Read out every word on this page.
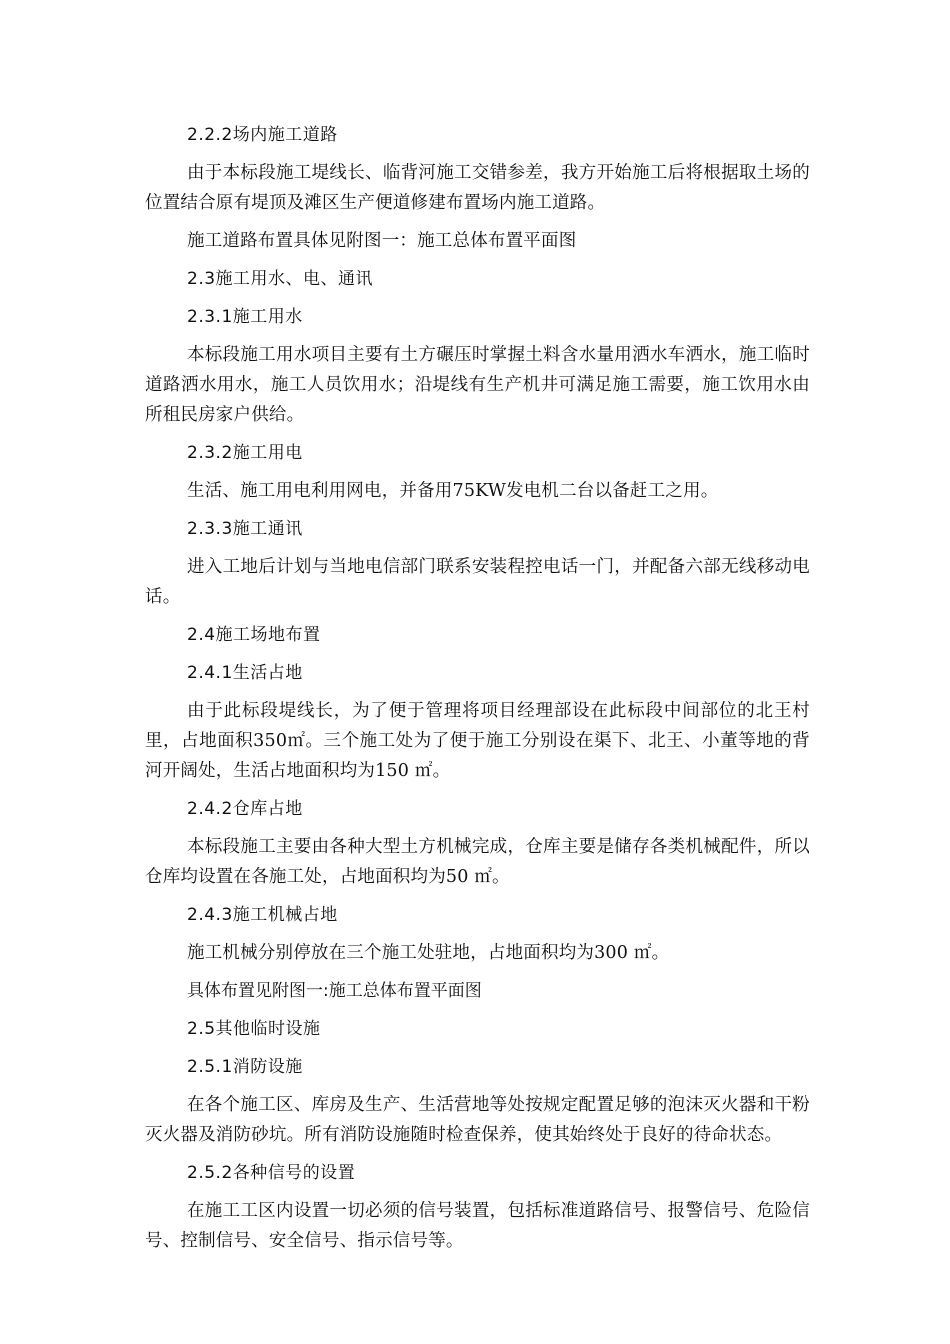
2.2.2场内施工道路

由于本标段施工堤线长、临背河施工交错参差，我方开始施工后将根据取土场的位置结合原有堤顶及滩区生产便道修建布置场内施工道路。

施工道路布置具体见附图一：施工总体布置平面图

2.3施工用水、电、通讯
2.3.1施工用水

本标段施工用水项目主要有土方碾压时掌握土料含水量用洒水车洒水，施工临时道路洒水用水，施工人员饮用水；沿堤线有生产机井可满足施工需要，施工饮用水由所租民房家户供给。

2.3.2施工用电

生活、施工用电利用网电，并备用75KW发电机二台以备赶工之用。

2.3.3施工通讯

进入工地后计划与当地电信部门联系安装程控电话一门，并配备六部无线移动电话。

2.4施工场地布置
2.4.1生活占地

由于此标段堤线长，为了便于管理将项目经理部设在此标段中间部位的北王村里，占地面积350㎡。三个施工处为了便于施工分别设在渠下、北王、小董等地的背河开阔处，生活占地面积均为150 ㎡。

2.4.2仓库占地

本标段施工主要由各种大型土方机械完成，仓库主要是储存各类机械配件，所以仓库均设置在各施工处，占地面积均为50 ㎡。

2.4.3施工机械占地

施工机械分别停放在三个施工处驻地，占地面积均为300 ㎡。

具体布置见附图一:施工总体布置平面图

2.5其他临时设施
2.5.1消防设施

在各个施工区、库房及生产、生活营地等处按规定配置足够的泡沫灭火器和干粉灭火器及消防砂坑。所有消防设施随时检查保养，使其始终处于良好的待命状态。

2.5.2各种信号的设置

在施工工区内设置一切必须的信号装置，包括标准道路信号、报警信号、危险信号、控制信号、安全信号、指示信号等。
